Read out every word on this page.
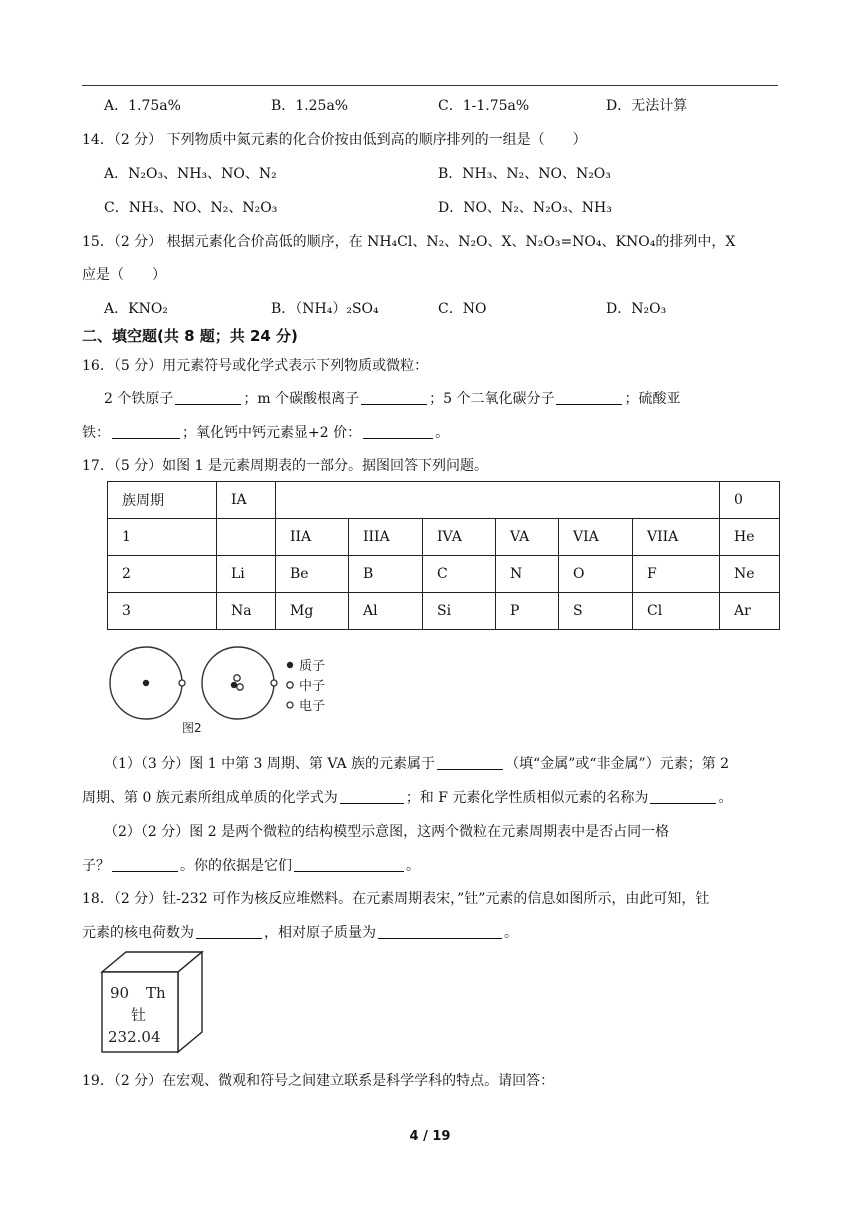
A．1.75a%	B．1.25a%	C．1-1.75a%	D．无法计算
14．（2 分） 下列物质中氮元素的化合价按由低到高的顺序排列的一组是（　　）
A．N₂O₃、NH₃、NO、N₂	B．NH₃、N₂、NO、N₂O₃
C．NH₃、NO、N₂、N₂O₃	D．NO、N₂、N₂O₃、NH₃
15．（2 分） 根据元素化合价高低的顺序，在 NH₄Cl、N₂、N₂O、X、N₂O₃=NO₄、KNO₄的排列中，X
应是（　　）
A．KNO₂	B．（NH₄）₂SO₄	C．NO	D．N₂O₃
二、填空题(共 8 题；共 24 分)
16．（5 分）用元素符号或化学式表示下列物质或微粒：
2 个铁原子	；m 个碳酸根离子	；5 个二氧化碳分子	；硫酸亚
铁：	；氧化钙中钙元素显+2 价：	。
17．（5 分）如图 1 是元素周期表的一部分。据图回答下列问题。
族周期	IA							0
1		IIA	IIIA	IVA	VA	VIA	VIIA	He
2	Li	Be	B	C	N	O	F	Ne
3	Na	Mg	Al	Si	P	S	Cl	Ar
质子
中子
电子
图2
（1）（3 分）图 1 中第 3 周期、第 VA 族的元素属于	（填“金属”或“非金属”）元素；第 2
周期、第 0 族元素所组成单质的化学式为	；和 F 元素化学性质相似元素的名称为	。
（2）（2 分）图 2 是两个微粒的结构模型示意图，这两个微粒在元素周期表中是否占同一格
子？	。你的依据是它们	。
18．（2 分）钍-232 可作为核反应堆燃料。在元素周期表宋，”钍”元素的信息如图所示，由此可知，钍
元素的核电荷数为	，相对原子质量为	。
90 Th
钍
232.04
19．（2 分）在宏观、微观和符号之间建立联系是科学学科的特点。请回答：
4 / 19
